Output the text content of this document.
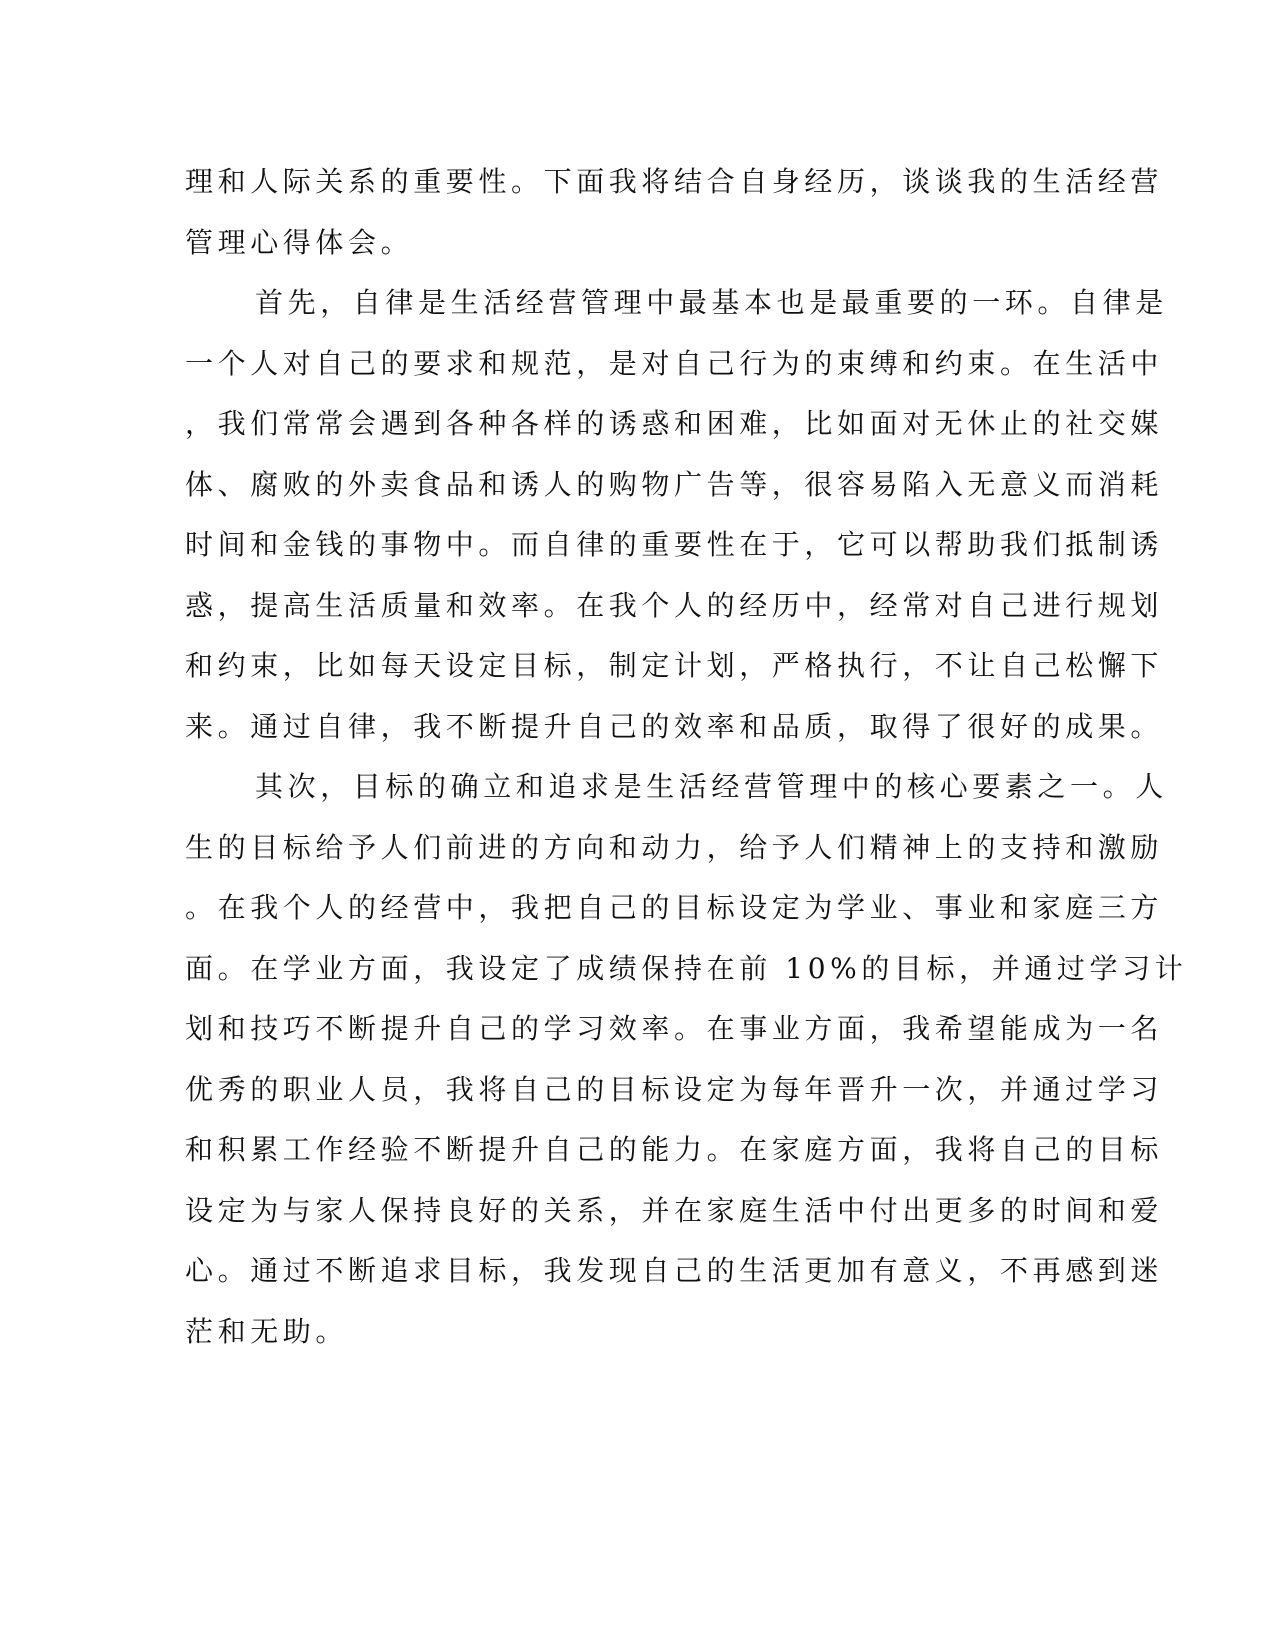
理和人际关系的重要性。下面我将结合自身经历，谈谈我的生活经营
管理心得体会。
首先，自律是生活经营管理中最基本也是最重要的一环。自律是
一个人对自己的要求和规范，是对自己行为的束缚和约束。在生活中
，我们常常会遇到各种各样的诱惑和困难，比如面对无休止的社交媒
体、腐败的外卖食品和诱人的购物广告等，很容易陷入无意义而消耗
时间和金钱的事物中。而自律的重要性在于，它可以帮助我们抵制诱
惑，提高生活质量和效率。在我个人的经历中，经常对自己进行规划
和约束，比如每天设定目标，制定计划，严格执行，不让自己松懈下
来。通过自律，我不断提升自己的效率和品质，取得了很好的成果。
其次，目标的确立和追求是生活经营管理中的核心要素之一。人
生的目标给予人们前进的方向和动力，给予人们精神上的支持和激励
。在我个人的经营中，我把自己的目标设定为学业、事业和家庭三方
面。在学业方面，我设定了成绩保持在前 10%的目标，并通过学习计
划和技巧不断提升自己的学习效率。在事业方面，我希望能成为一名
优秀的职业人员，我将自己的目标设定为每年晋升一次，并通过学习
和积累工作经验不断提升自己的能力。在家庭方面，我将自己的目标
设定为与家人保持良好的关系，并在家庭生活中付出更多的时间和爱
心。通过不断追求目标，我发现自己的生活更加有意义，不再感到迷
茫和无助。
